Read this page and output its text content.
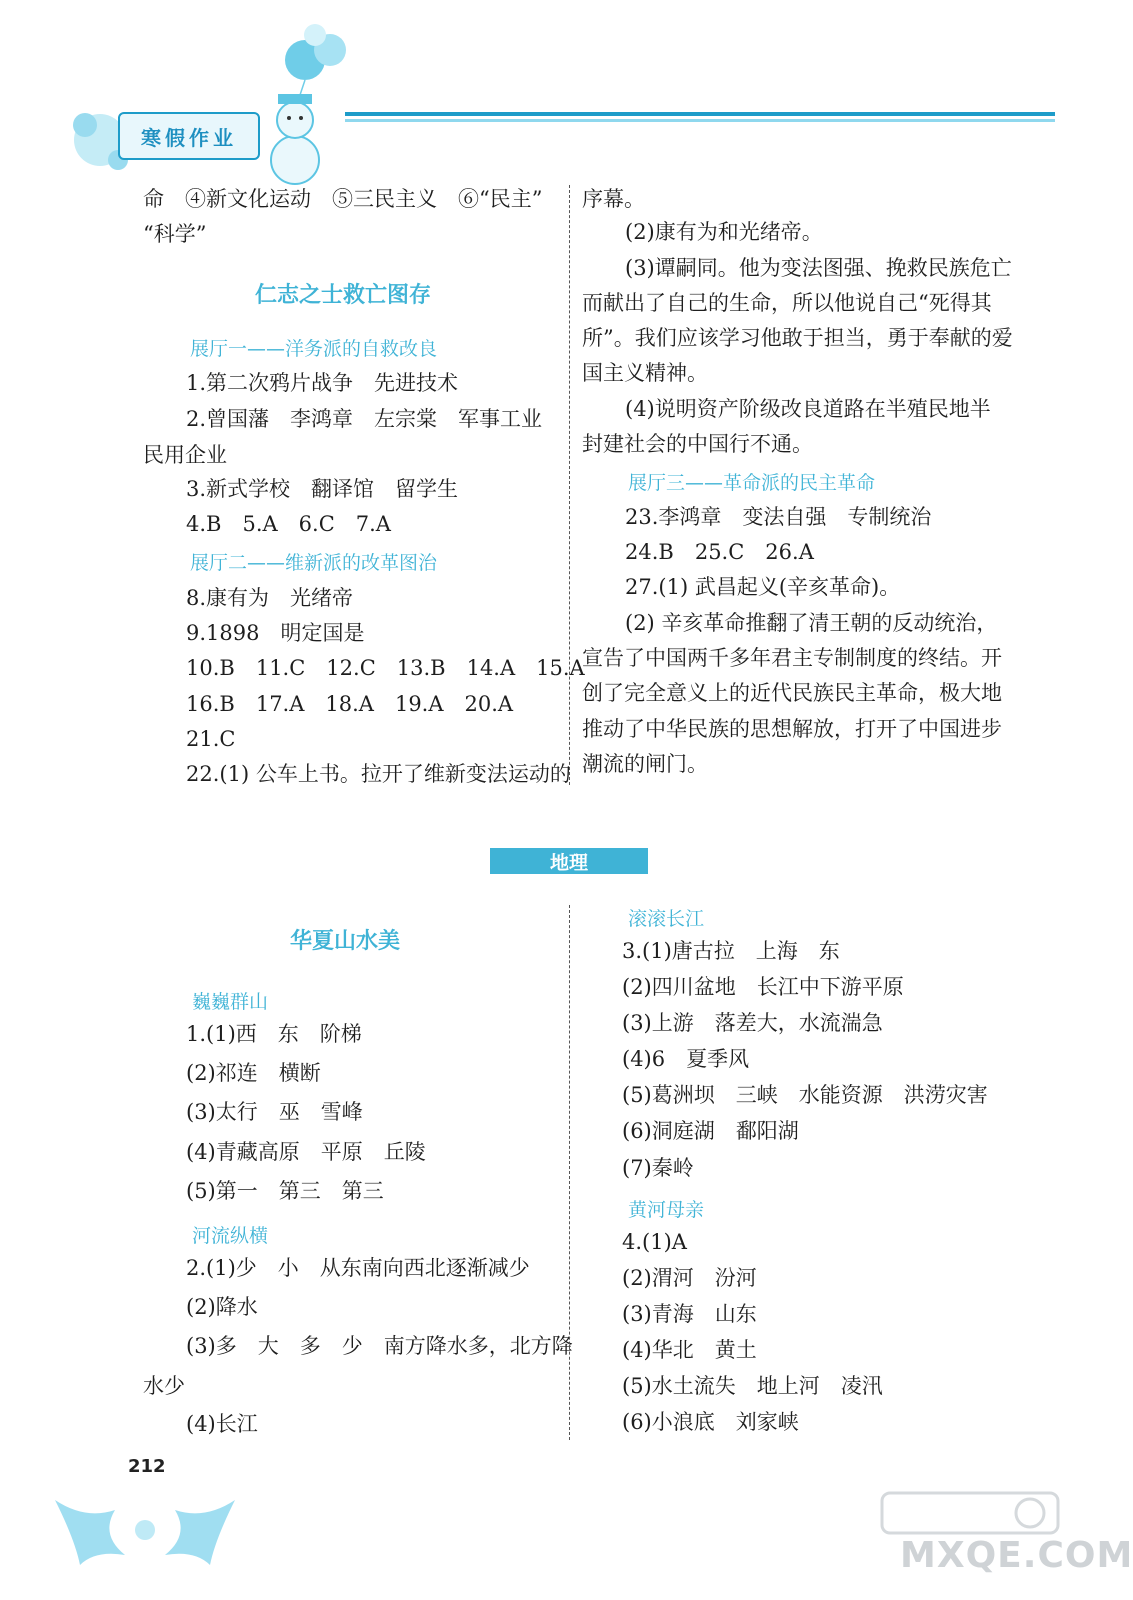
寒假作业
命　④新文化运动　⑤三民主义　⑥“民主”
“科学”
仁志之士救亡图存
展厅一——洋务派的自救改良
1.第二次鸦片战争　先进技术
2.曾国藩　李鸿章　左宗棠　军事工业
民用企业
3.新式学校　翻译馆　留学生
4.B　5.A　6.C　7.A
展厅二——维新派的改革图治
8.康有为　光绪帝
9.1898　明定国是
10.B　11.C　12.C　13.B　14.A　15.A
16.B　17.A　18.A　19.A　20.A
21.C
22.(1) 公车上书。拉开了维新变法运动的
序幕。
(2)康有为和光绪帝。
(3)谭嗣同。他为变法图强、挽救民族危亡
而献出了自己的生命，所以他说自己“死得其
所”。我们应该学习他敢于担当，勇于奉献的爱
国主义精神。
(4)说明资产阶级改良道路在半殖民地半
封建社会的中国行不通。
展厅三——革命派的民主革命
23.李鸿章　变法自强　专制统治
24.B　25.C　26.A
27.(1) 武昌起义(辛亥革命)。
(2) 辛亥革命推翻了清王朝的反动统治，
宣告了中国两千多年君主专制制度的终结。开
创了完全意义上的近代民族民主革命，极大地
推动了中华民族的思想解放，打开了中国进步
潮流的闸门。
地理
华夏山水美
巍巍群山
1.(1)西　东　阶梯
(2)祁连　横断
(3)太行　巫　雪峰
(4)青藏高原　平原　丘陵
(5)第一　第三　第三
河流纵横
2.(1)少　小　从东南向西北逐渐减少
(2)降水
(3)多　大　多　少　南方降水多，北方降
水少
(4)长江
滚滚长江
3.(1)唐古拉　上海　东
(2)四川盆地　长江中下游平原
(3)上游　落差大，水流湍急
(4)6　夏季风
(5)葛洲坝　三峡　水能资源　洪涝灾害
(6)洞庭湖　鄱阳湖
(7)秦岭
黄河母亲
4.(1)A
(2)渭河　汾河
(3)青海　山东
(4)华北　黄土
(5)水土流失　地上河　凌汛
(6)小浪底　刘家峡
212
MXQE.COM
